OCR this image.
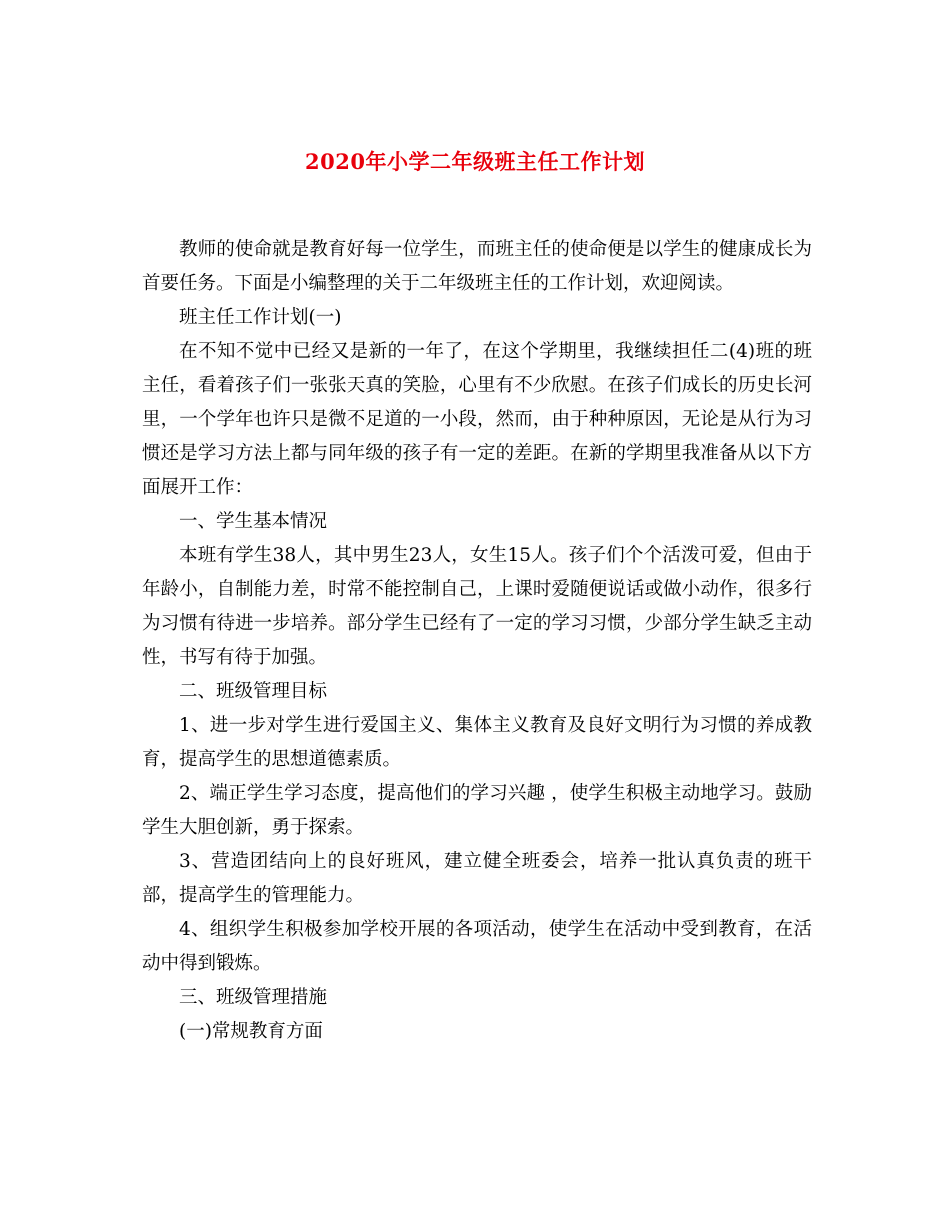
2020年小学二年级班主任工作计划

教师的使命就是教育好每一位学生，而班主任的使命便是以学生的健康成长为首要任务。下面是小编整理的关于二年级班主任的工作计划，欢迎阅读。

班主任工作计划(一)

在不知不觉中已经又是新的一年了，在这个学期里，我继续担任二(4)班的班主任，看着孩子们一张张天真的笑脸，心里有不少欣慰。在孩子们成长的历史长河里，一个学年也许只是微不足道的一小段，然而，由于种种原因，无论是从行为习惯还是学习方法上都与同年级的孩子有一定的差距。在新的学期里我准备从以下方面展开工作：

一、学生基本情况

本班有学生38人，其中男生23人，女生15人。孩子们个个活泼可爱，但由于年龄小，自制能力差，时常不能控制自己，上课时爱随便说话或做小动作，很多行为习惯有待进一步培养。部分学生已经有了一定的学习习惯，少部分学生缺乏主动性，书写有待于加强。

二、班级管理目标

1、进一步对学生进行爱国主义、集体主义教育及良好文明行为习惯的养成教育，提高学生的思想道德素质。

2、端正学生学习态度，提高他们的学习兴趣 ，使学生积极主动地学习。鼓励学生大胆创新，勇于探索。

3、营造团结向上的良好班风，建立健全班委会，培养一批认真负责的班干部，提高学生的管理能力。

4、组织学生积极参加学校开展的各项活动，使学生在活动中受到教育，在活动中得到锻炼。

三、班级管理措施

(一)常规教育方面
